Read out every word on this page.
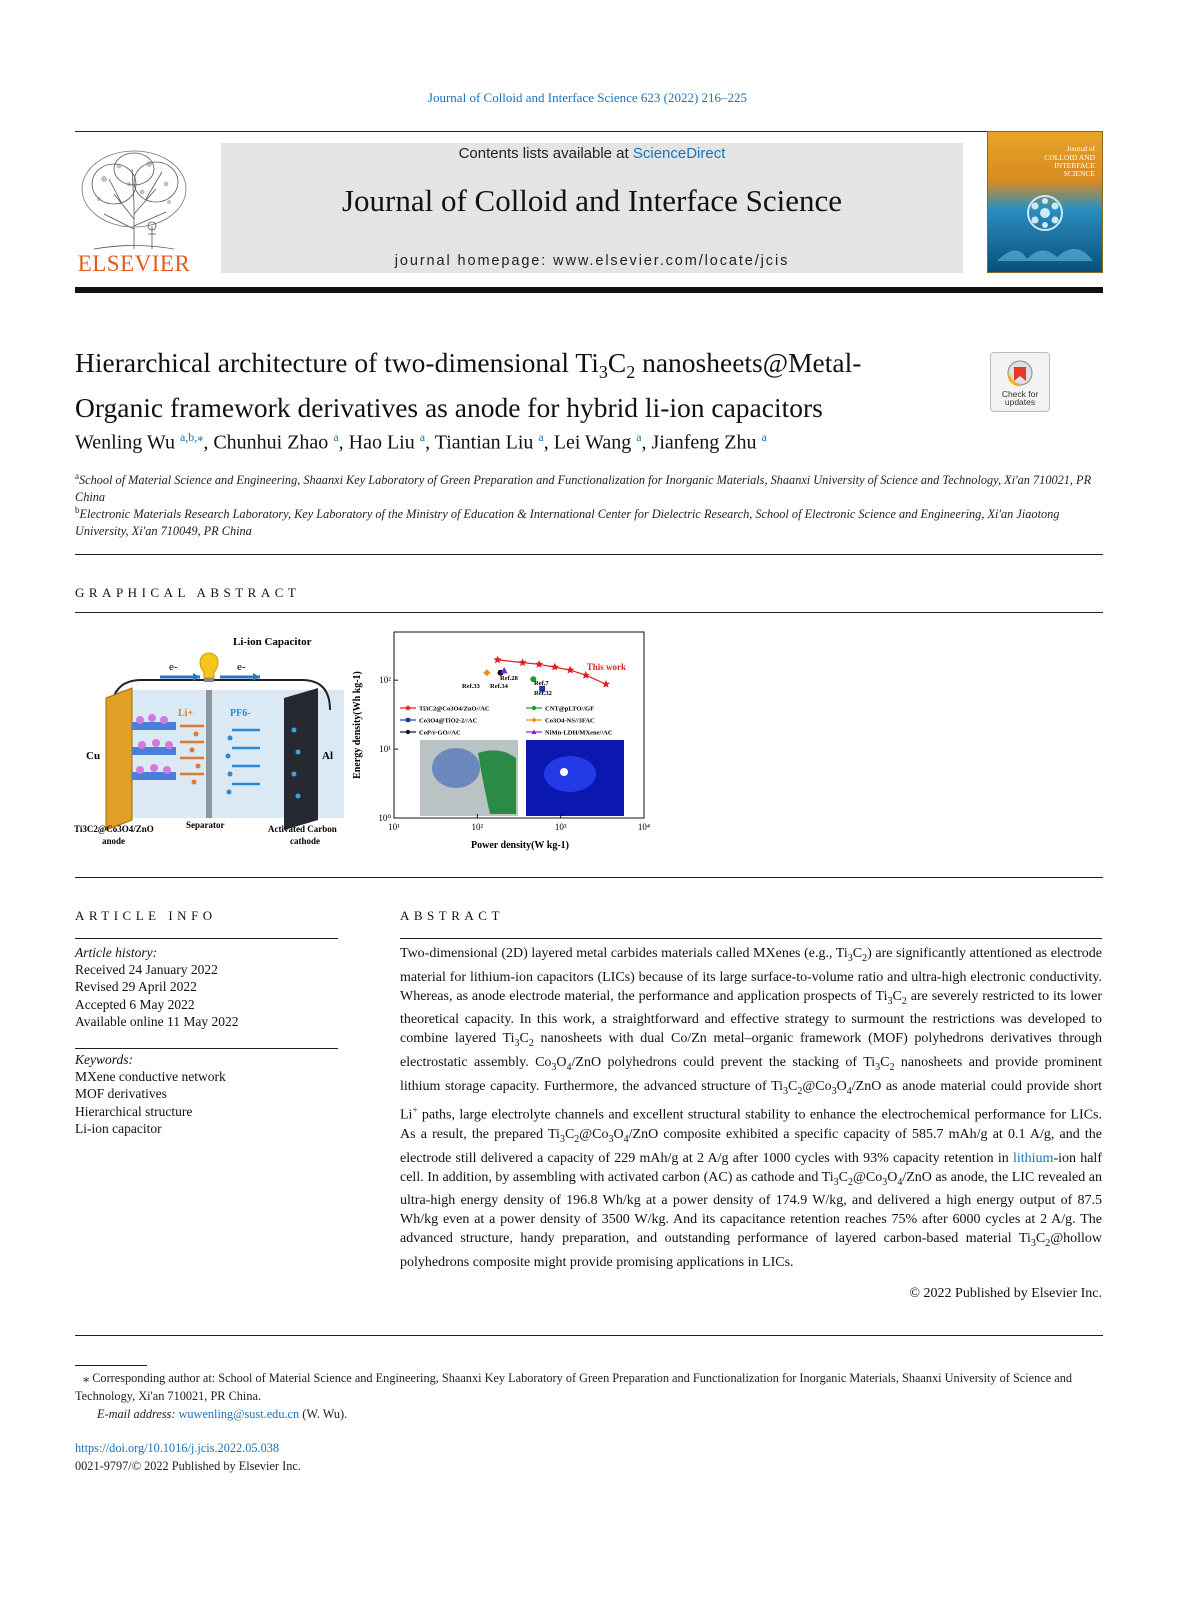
Journal of Colloid and Interface Science 623 (2022) 216–225
ELSEVIER
Contents lists available at ScienceDirect
Journal of Colloid and Interface Science
journal homepage: www.elsevier.com/locate/jcis
Journal of
COLLOID AND
INTERFACE
SCIENCE
Hierarchical architecture of two-dimensional $Ti_3C_2$ nanosheets@Metal-
Organic framework derivatives as anode for hybrid li-ion capacitors	Check for
updates
Wenling Wu $^{a,b,⁎}$, Chunhui Zhao $^a$, Hao Liu $^a$, Tiantian Liu $^a$, Lei Wang $^a$, Jianfeng Zhu $^a$
$^a$School of Material Science and Engineering, Shaanxi Key Laboratory of Green Preparation and Functionalization for Inorganic Materials, Shaanxi University of Science and Technology, Xi'an 710021, PR China
$^b$Electronic Materials Research Laboratory, Key Laboratory of the Ministry of Education & International Center for Dielectric Research, School of Electronic Science and Engineering, Xi'an Jiaotong University, Xi'an 710049, PR China
GRAPHICAL ABSTRACT
Li-ion Capacitor
e-	e-
Li+	PF6-
Cu	Al
Ti3C2@Co3O4/ZnO
anode
Separator	Activated Carbon
cathode
10¹	10²	10³	10⁴
10⁰
10¹
10²
Ti3C2@Co3O4/ZnO//AC
Co3O4@TiO2-2//AC
CoP/r-GO//AC
CNT@pLTO//GF
Co3O4-NS//3FAC
NiMn-LDH/MXene//AC
Power density(W kg-1)
Energy density(Wh kg-1)
This work
Ref.28
Ref.7
Ref.33 Ref.34
Ref.32
ARTICLE INFO	ABSTRACT
Article history:
Received 24 January 2022
Revised 29 April 2022
Accepted 6 May 2022
Available online 11 May 2022
Keywords:
MXene conductive network
MOF derivatives
Hierarchical structure
Li-ion capacitor
Two-dimensional (2D) layered metal carbides materials called MXenes (e.g., $Ti_3C_2$) are significantly attentioned as electrode material for lithium-ion capacitors (LICs) because of its large surface-to-volume ratio and ultra-high electronic conductivity. Whereas, as anode electrode material, the performance and application prospects of $Ti_3C_2$ are severely restricted to its lower theoretical capacity. In this work, a straightforward and effective strategy to surmount the restrictions was developed to combine layered $Ti_3C_2$ nanosheets with dual Co/Zn metal–organic framework (MOF) polyhedrons derivatives through electrostatic assembly. $Co_3O_4$/ZnO polyhedrons could prevent the stacking of $Ti_3C_2$ nanosheets and provide prominent lithium storage capacity. Furthermore, the advanced structure of $Ti_3C_2@Co_3O_4$/ZnO as anode material could provide short Li+ paths, large electrolyte channels and excellent structural stability to enhance the electrochemical performance for LICs. As a result, the prepared $Ti_3C_2@Co_3O_4$/ZnO composite exhibited a specific capacity of 585.7 mAh/g at 0.1 A/g, and the electrode still delivered a capacity of 229 mAh/g at 2 A/g after 1000 cycles with 93% capacity retention in lithium-ion half cell. In addition, by assembling with activated carbon (AC) as cathode and $Ti_3C_2@Co_3O_4$/ZnO as anode, the LIC revealed an ultra-high energy density of 196.8 Wh/kg at a power density of 174.9 W/kg, and delivered a high energy output of 87.5 Wh/kg even at a power density of 3500 W/kg. And its capacitance retention reaches 75% after 6000 cycles at 2 A/g. The advanced structure, handy preparation, and outstanding performance of layered carbon-based material $Ti_3C_2@hollow$ polyhedrons composite might provide promising applications in LICs.
© 2022 Published by Elsevier Inc.
⁎ Corresponding author at: School of Material Science and Engineering, Shaanxi Key Laboratory of Green Preparation and Functionalization for Inorganic Materials, Shaanxi University of Science and Technology, Xi'an 710021, PR China.
E-mail address: wuwenling@sust.edu.cn (W. Wu).
https://doi.org/10.1016/j.jcis.2022.05.038
0021-9797/© 2022 Published by Elsevier Inc.
